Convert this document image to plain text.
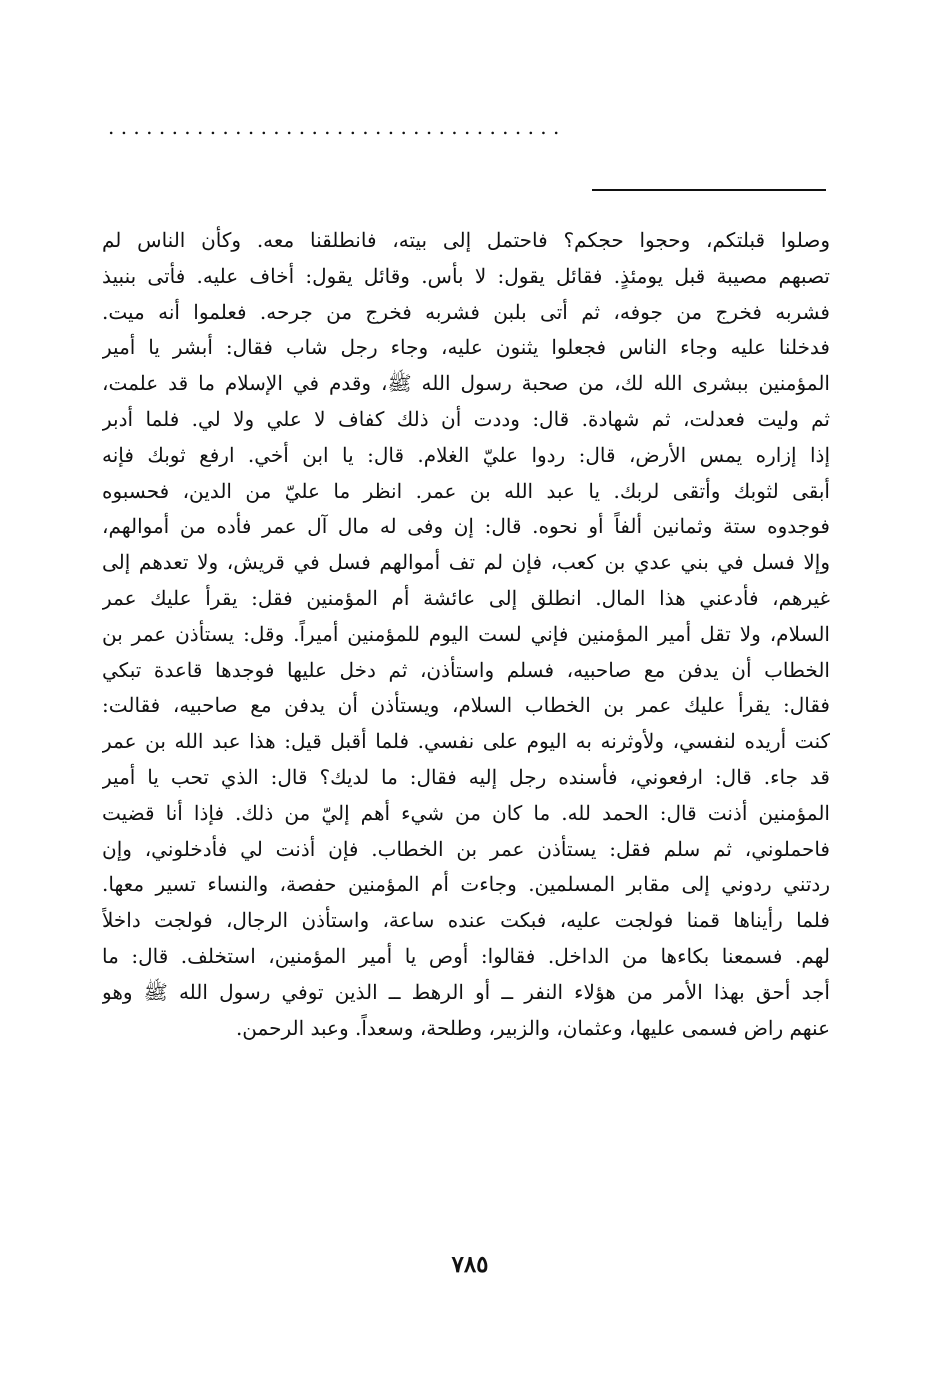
. . . . . . . . . . . . . . . . . . . . . . . . . . . . . . . . . . . .
وصلوا قبلتكم، وحجوا حجكم؟ فاحتمل إلى بيته، فانطلقنا معه. وكأن الناس لم
تصبهم مصيبة قبل يومئذٍ. فقائل يقول: لا بأس. وقائل يقول: أخاف عليه. فأتى بنبيذ
فشربه فخرج من جوفه، ثم أتى بلبن فشربه فخرج من جرحه. فعلموا أنه ميت.
فدخلنا عليه وجاء الناس فجعلوا يثنون عليه، وجاء رجل شاب فقال: أبشر يا أمير
المؤمنين ببشرى الله لك، من صحبة رسول الله ﷺ، وقدم في الإسلام ما قد علمت،
ثم وليت فعدلت، ثم شهادة. قال: وددت أن ذلك كفاف لا علي ولا لي. فلما أدبر
إذا إزاره يمس الأرض، قال: ردوا عليّ الغلام. قال: يا ابن أخي. ارفع ثوبك فإنه
أبقى لثوبك وأتقى لربك. يا عبد الله بن عمر. انظر ما عليّ من الدين، فحسبوه
فوجدوه ستة وثمانين ألفاً أو نحوه. قال: إن وفى له مال آل عمر فأده من أموالهم،
وإلا فسل في بني عدي بن كعب، فإن لم تف أموالهم فسل في قريش، ولا تعدهم إلى
غيرهم، فأدعني هذا المال. انطلق إلى عائشة أم المؤمنين فقل: يقرأ عليك عمر
السلام، ولا تقل أمير المؤمنين فإني لست اليوم للمؤمنين أميراً. وقل: يستأذن عمر بن
الخطاب أن يدفن مع صاحبيه، فسلم واستأذن، ثم دخل عليها فوجدها قاعدة تبكي
فقال: يقرأ عليك عمر بن الخطاب السلام، ويستأذن أن يدفن مع صاحبيه، فقالت:
كنت أريده لنفسي، ولأوثرنه به اليوم على نفسي. فلما أقبل قيل: هذا عبد الله بن عمر
قد جاء. قال: ارفعوني، فأسنده رجل إليه فقال: ما لديك؟ قال: الذي تحب يا أمير
المؤمنين أذنت قال: الحمد لله. ما كان من شيء أهم إليّ من ذلك. فإذا أنا قضيت
فاحملوني، ثم سلم فقل: يستأذن عمر بن الخطاب. فإن أذنت لي فأدخلوني، وإن
ردتني ردوني إلى مقابر المسلمين. وجاءت أم المؤمنين حفصة، والنساء تسير معها.
فلما رأيناها قمنا فولجت عليه، فبكت عنده ساعة، واستأذن الرجال، فولجت داخلاً
لهم. فسمعنا بكاءها من الداخل. فقالوا: أوص يا أمير المؤمنين، استخلف. قال: ما
أجد أحق بهذا الأمر من هؤلاء النفر ــ أو الرهط ــ الذين توفي رسول الله ﷺ وهو
عنهم راض فسمى عليها، وعثمان، والزبير، وطلحة، وسعداً. وعبد الرحمن.
٧٨٥
